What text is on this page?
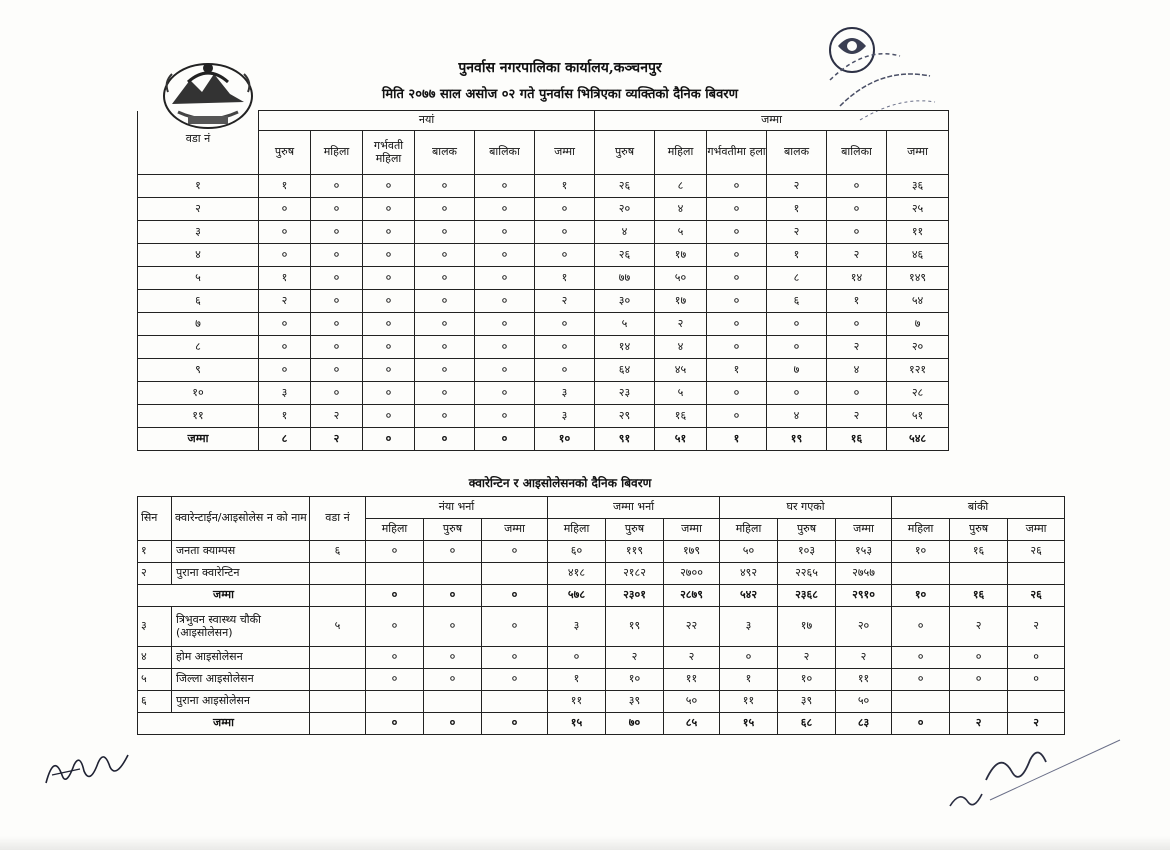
पुनर्वास नगरपालिका कार्यालय,कञ्चनपुर
मिति २०७७ साल असोज ०२ गते पुनर्वास भित्रिएका व्यक्तिको दैनिक बिवरण
वडा नं	नयां						जम्मा					
	पुरुष	महिला	गर्भवती महिला	बालक	बालिका	जम्मा	पुरुष	महिला	गर्भवतीमा हला	बालक	बालिका	जम्मा
१	१	०	०	०	०	१	२६	८	०	२	०	३६
२	०	०	०	०	०	०	२०	४	०	१	०	२५
३	०	०	०	०	०	०	४	५	०	२	०	११
४	०	०	०	०	०	०	२६	१७	०	१	२	४६
५	१	०	०	०	०	१	७७	५०	०	८	१४	१४९
६	२	०	०	०	०	२	३०	१७	०	६	१	५४
७	०	०	०	०	०	०	५	२	०	०	०	७
८	०	०	०	०	०	०	१४	४	०	०	२	२०
९	०	०	०	०	०	०	६४	४५	१	७	४	१२१
१०	३	०	०	०	०	३	२३	५	०	०	०	२८
११	१	२	०	०	०	३	२९	१६	०	४	२	५१
जम्मा	८	२	०	०	०	१०	९१	५१	१	१९	१६	५४८
क्वारेन्टिन र आइसोलेसनको दैनिक बिवरण
सिन	क्वारेन्टाईन/आइसोलेस न को नाम	वडा नं	नंया भर्ना			जम्मा भर्ना			घर गएको			बांकी		
			महिला	पुरुष	जम्मा	महिला	पुरुष	जम्मा	महिला	पुरुष	जम्मा	महिला	पुरुष	जम्मा
१	जनता क्याम्पस	६	०	०	०	६०	११९	१७९	५०	१०३	१५३	१०	१६	२६
२	पुराना क्वारेन्टिन					४१८	२१८२	२७००	४९२	२२६५	२७५७			
जम्मा			०	०	०	५७८	२३०१	२८७९	५४२	२३६८	२९१०	१०	१६	२६
३	त्रिभुवन स्वास्थ्य चौकी (आइसोलेसन)	५	०	०	०	३	१९	२२	३	१७	२०	०	२	२
४	होम आइसोलेसन		०	०	०	०	२	२	०	२	२	०	०	०
५	जिल्ला आइसोलेसन		०	०	०	१	१०	११	१	१०	११	०	०	०
६	पुराना आइसोलेसन					११	३९	५०	११	३९	५०			
जम्मा			०	०	०	१५	७०	८५	१५	६८	८३	०	२	२
